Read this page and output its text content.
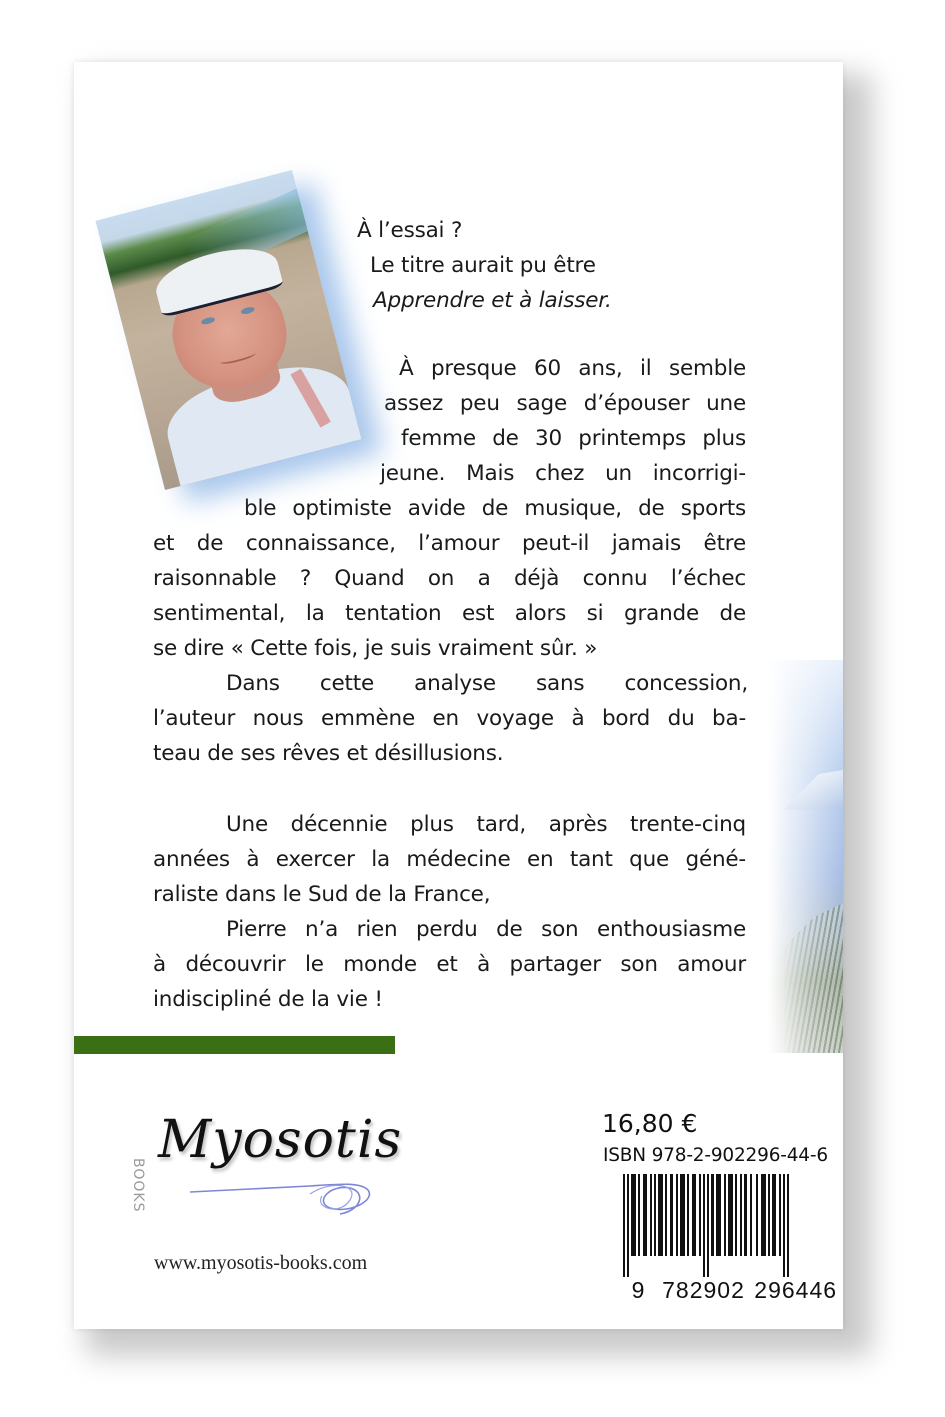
À l’essai ?
Le titre aurait pu être
Apprendre et à laisser.
À presque 60 ans, il semble
assez peu sage d’épouser une
femme de 30 printemps plus
jeune. Mais chez un incorrigi-
ble optimiste avide de musique, de sports
et de connaissance, l’amour peut-il jamais être
raisonnable ? Quand on a déjà connu l’échec
sentimental, la tentation est alors si grande de
se dire « Cette fois, je suis vraiment sûr. »
Dans cette analyse sans concession,
l’auteur nous emmène en voyage à bord du ba-
teau de ses rêves et désillusions.
Une décennie plus tard, après trente-cinq
années à exercer la médecine en tant que géné-
raliste dans le Sud de la France,
Pierre n’a rien perdu de son enthousiasme
à découvrir le monde et à partager son amour
indiscipliné de la vie !
BOOKS
Myosotis
www.myosotis-books.com
16,80 €
ISBN 978-2-902296-44-6

9 782902 296446
